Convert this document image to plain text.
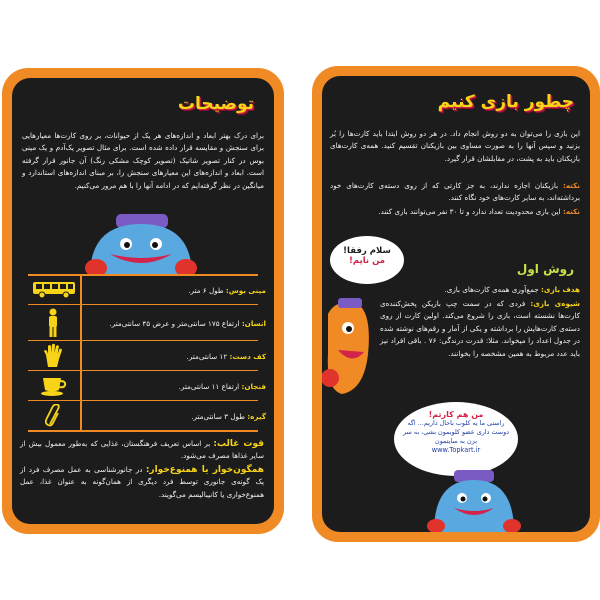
توضیحات
برای درک بهتر ابعاد و اندازه‌های هر یک از حیوانات، بر روی کارت‌ها معیارهایی برای سنجش و مقایسه قرار داده شده است. برای مثال تصویر یک‌آدم و یک مینی بوس در کنار تصویر شاتیک (تصویر کوچک مشکی رنگ) آن جانور قرار گرفته است. ابعاد و اندازه‌های این معیارهای سنجش را، بر مبنای اندازه‌های استاندارد و میانگین در نظر گرفته‌ایم که در ادامه آنها را با هم مرور می‌کنیم.
مینی بوس: طول ۶ متر.
انسان: ارتفاع ۱۷۵ سانتی‌متر و عرض ۴۵ سانتی‌متر.
کف دست: ۱۲ سانتی‌متر.
فنجان: ارتفاع ۱۱ سانتی‌متر.
گیره: طول ۳ سانتی‌متر.
قوت غالب: بر اساس تعریف فرهنگستان، غذایی که به‌طور معمول بیش از سایر غذاها مصرف می‌شود.
همگون‌خوار یا همنوع‌خوار: در جانورشناسی به عمل مصرف فرد از یک گونه‌ی جانوری توسط فرد دیگری از همان‌گونه به عنوان غذا، عمل همنوع‌خواری یا کانیبالیسم می‌گویند.
چطور بازی کنیم
این بازی را می‌توان به دو روش انجام داد. در هر دو روش ابتدا باید کارت‌ها را بُر بزنید و سپس آنها را به صورت مساوی بین بازیکنان تقسیم کنید. همه‌ی کارت‌های بازیکنان باید به پشت، در مقابلشان قرار گیرد.
نکته: بازیکنان اجازه ندارند، به جز کارتی که از روی دسته‌ی کارت‌های خود برداشته‌اند، به سایر کارت‌های خود نگاه کنند.
نکته: این بازی محدودیت تعداد ندارد و تا ۳۰ نفر می‌توانند بازی کنند.
سلام رفقا!
من ناپم!
روش اول
هدف بازی: جمع‌آوری همه‌ی کارت‌های بازی.
شیوه‌ی بازی: فردی که در سمت چپ بازیکن پخش‌کننده‌ی کارت‌ها نشسته است، بازی را شروع می‌کند. اولین کارت از روی دسته‌ی کارت‌هایش را برداشته و یکی از آمار و رقم‌های نوشته شده در جدول اعداد را میخواند. مثلا: قدرت درندگی: ۷۶ . باقی افراد نیز باید عدد مربوط به همین مشخصه را بخوانند.
من هم کارتم!
راستی ما یه کلوب باحال داریم... اگه دوست داری عضو کلوبمون بشی، به سر بزن به سایتمون
www.Topkart.ir
